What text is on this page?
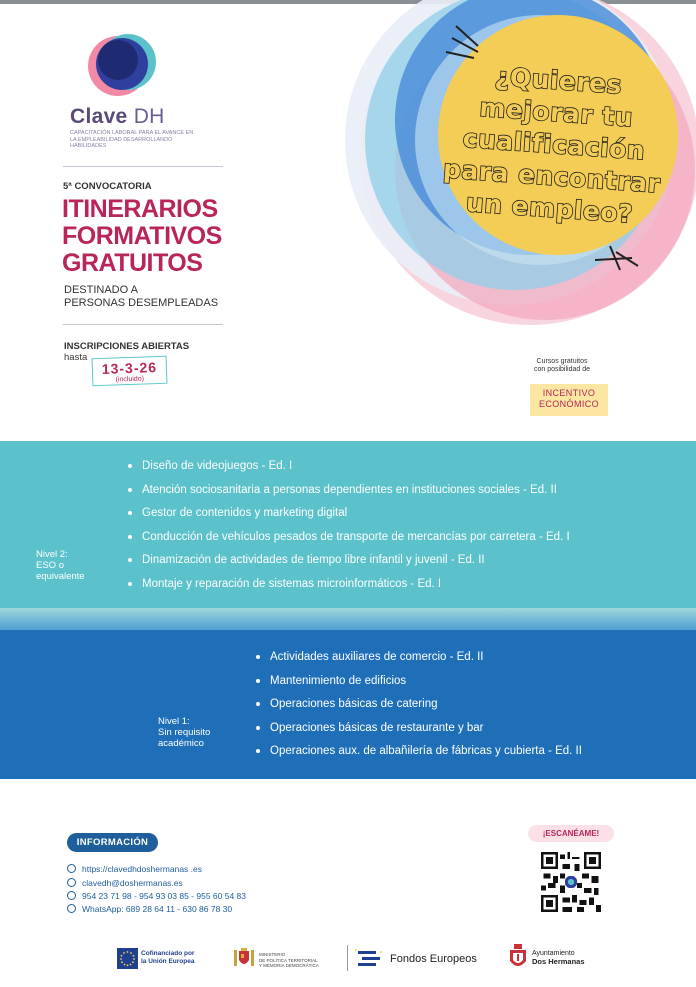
Clave DH
CAPACITACIÓN LABORAL PARA EL AVANCE EN LA EMPLEABILIDAD DESARROLLANDO HABILIDADES
5ª CONVOCATORIA
ITINERARIOS
FORMATIVOS
GRATUITOS
DESTINADO A
PERSONAS DESEMPLEADAS
INSCRIPCIONES ABIERTAS
hasta
13-3-26
(incluido)
¿Quieres
mejorar tu
cualificación
para encontrar
un empleo?
Cursos gratuitos
con posibilidad de
INCENTIVO
ECONÓMICO
Nivel 2:
ESO o
equivalente
Diseño de videojuegos - Ed. I
Atención sociosanitaria a personas dependientes en instituciones sociales - Ed. II
Gestor de contenidos y marketing digital
Conducción de vehículos pesados de transporte de mercancías por carretera - Ed. I
Dinamización de actividades de tiempo libre infantil y juvenil - Ed. II
Montaje y reparación de sistemas microinformáticos - Ed. I
Nivel 1:
Sin requisito
académico
Actividades auxiliares de comercio - Ed. II
Mantenimiento de edificios
Operaciones básicas de catering
Operaciones básicas de restaurante y bar
Operaciones aux. de albañilería de fábricas y cubierta - Ed. II
INFORMACIÓN
https://clavedhdoshermanas .es
clavedh@doshermanas.es
954 23 71 98 - 954 93 03 85 - 955 60 54 83
WhatsApp: 689 28 64 11 - 630 86 78 30
¡ESCANÉAME!
Cofinanciado por
la Unión Europea
MINISTERIO
DE POLÍTICA TERRITORIAL
Y MEMORIA DEMOCRÁTICA
Fondos Europeos	Ayuntamiento
Dos Hermanas
